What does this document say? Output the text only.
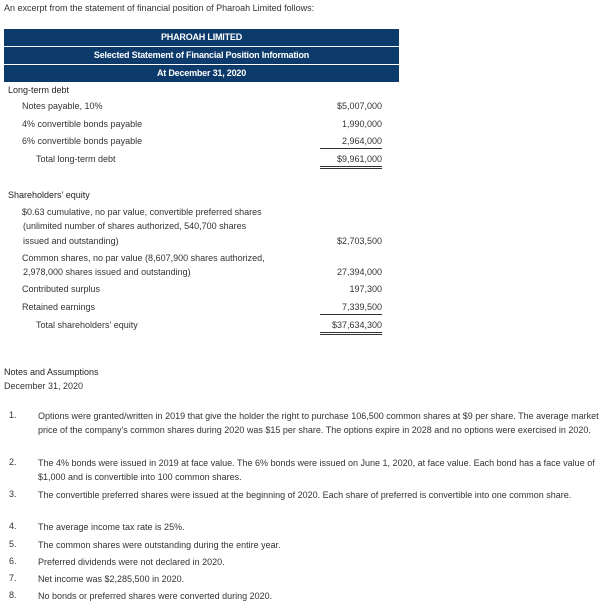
An excerpt from the statement of financial position of Pharoah Limited follows:
PHAROAH LIMITED
Selected Statement of Financial Position Information
At December 31, 2020
Long-term debt
Notes payable, 10%	$5,007,000
4% convertible bonds payable	1,990,000
6% convertible bonds payable	2,964,000
Total long-term debt	$9,961,000
Shareholders' equity
$0.63 cumulative, no par value, convertible preferred shares
(unlimited number of shares authorized, 540,700 shares
issued and outstanding)	$2,703,500
Common shares, no par value (8,607,900 shares authorized,
2,978,000 shares issued and outstanding)	27,394,000
Contributed surplus	197,300
Retained earnings	7,339,500
Total shareholders' equity	$37,634,300
Notes and Assumptions
December 31, 2020
1. Options were granted/written in 2019 that give the holder the right to purchase 106,500 common shares at $9 per share. The average market price of the company's common shares during 2020 was $15 per share. The options expire in 2028 and no options were exercised in 2020.
2. The 4% bonds were issued in 2019 at face value. The 6% bonds were issued on June 1, 2020, at face value. Each bond has a face value of $1,000 and is convertible into 100 common shares.
3. The convertible preferred shares were issued at the beginning of 2020. Each share of preferred is convertible into one common share.
4. The average income tax rate is 25%.
5. The common shares were outstanding during the entire year.
6. Preferred dividends were not declared in 2020.
7. Net income was $2,285,500 in 2020.
8. No bonds or preferred shares were converted during 2020.
